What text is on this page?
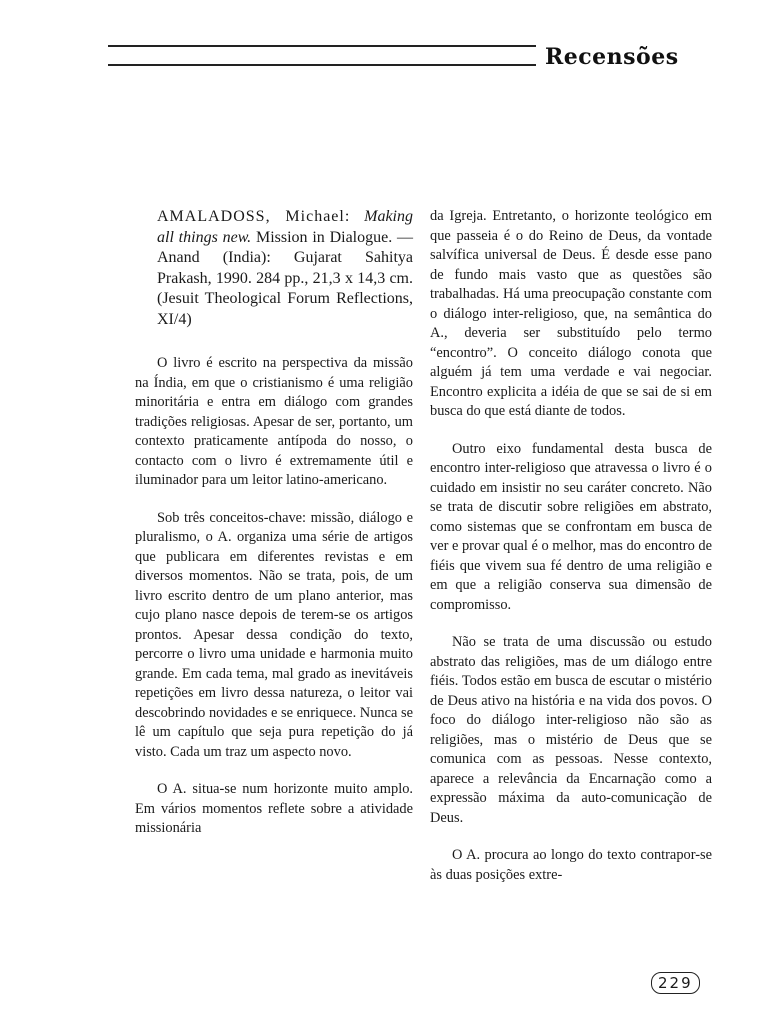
Recensões
AMALADOSS, Michael: Making all things new. Mission in Dialogue. — Anand (India): Gujarat Sahitya Prakash, 1990. 284 pp., 21,3 x 14,3 cm. (Jesuit Theological Forum Reflections, XI/4)

O livro é escrito na perspectiva da missão na Índia, em que o cristianismo é uma religião minoritária e entra em diálogo com grandes tradições religiosas. Apesar de ser, portanto, um contexto praticamente antípoda do nosso, o contacto com o livro é extremamente útil e iluminador para um leitor latino-americano.

Sob três conceitos-chave: missão, diálogo e pluralismo, o A. organiza uma série de artigos que publicara em diferentes revistas e em diversos momentos. Não se trata, pois, de um livro escrito dentro de um plano anterior, mas cujo plano nasce depois de terem-se os artigos prontos. Apesar dessa condição do texto, percorre o livro uma unidade e harmonia muito grande. Em cada tema, mal grado as inevitáveis repetições em livro dessa natureza, o leitor vai descobrindo novidades e se enriquece. Nunca se lê um capítulo que seja pura repetição do já visto. Cada um traz um aspecto novo.

O A. situa-se num horizonte muito amplo. Em vários momentos reflete sobre a atividade missionária

da Igreja. Entretanto, o horizonte teológico em que passeia é o do Reino de Deus, da vontade salvífica universal de Deus. É desde esse pano de fundo mais vasto que as questões são trabalhadas. Há uma preocupação constante com o diálogo inter-religioso, que, na semântica do A., deveria ser substituído pelo termo “encontro”. O conceito diálogo conota que alguém já tem uma verdade e vai negociar. Encontro explicita a idéia de que se sai de si em busca do que está diante de todos.

Outro eixo fundamental desta busca de encontro inter-religioso que atravessa o livro é o cuidado em insistir no seu caráter concreto. Não se trata de discutir sobre religiões em abstrato, como sistemas que se confrontam em busca de ver e provar qual é o melhor, mas do encontro de fiéis que vivem sua fé dentro de uma religião e em que a religião conserva sua dimensão de compromisso.

Não se trata de uma discussão ou estudo abstrato das religiões, mas de um diálogo entre fiéis. Todos estão em busca de escutar o mistério de Deus ativo na história e na vida dos povos. O foco do diálogo inter-religioso não são as religiões, mas o mistério de Deus que se comunica com as pessoas. Nesse contexto, aparece a relevância da Encarnação como a expressão máxima da auto-comunicação de Deus.

O A. procura ao longo do texto contrapor-se às duas posições extre-

229
